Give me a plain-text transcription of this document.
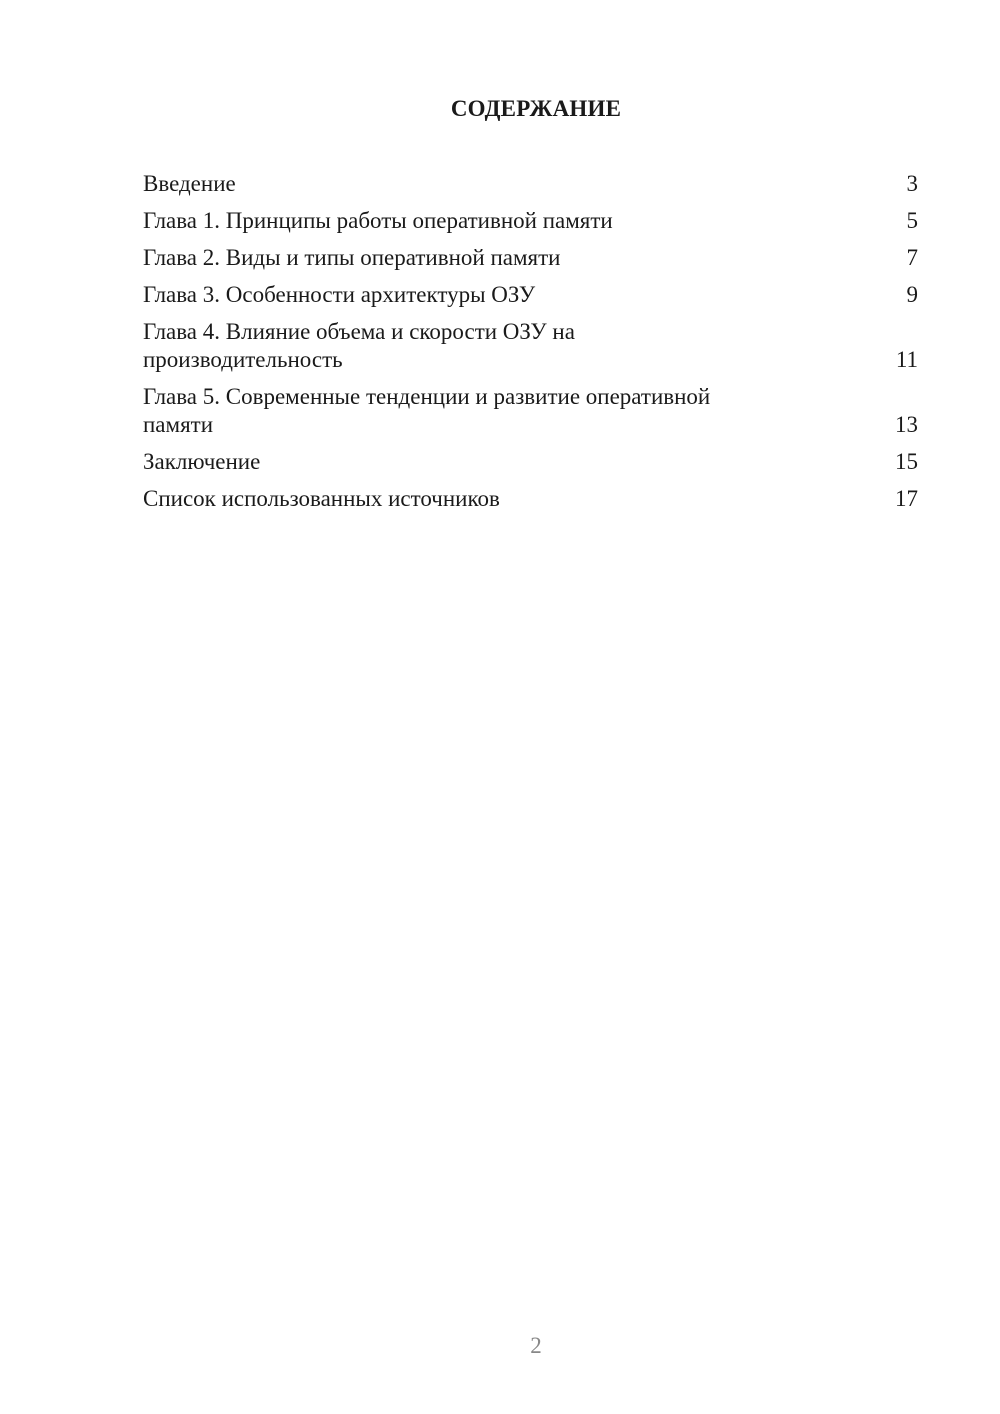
СОДЕРЖАНИЕ
Введение	3
Глава 1. Принципы работы оперативной памяти	5
Глава 2. Виды и типы оперативной памяти	7
Глава 3. Особенности архитектуры ОЗУ	9
Глава 4. Влияние объема и скорости ОЗУ на производительность	11
Глава 5. Современные тенденции и развитие оперативной памяти	13
Заключение	15
Список использованных источников	17
2
